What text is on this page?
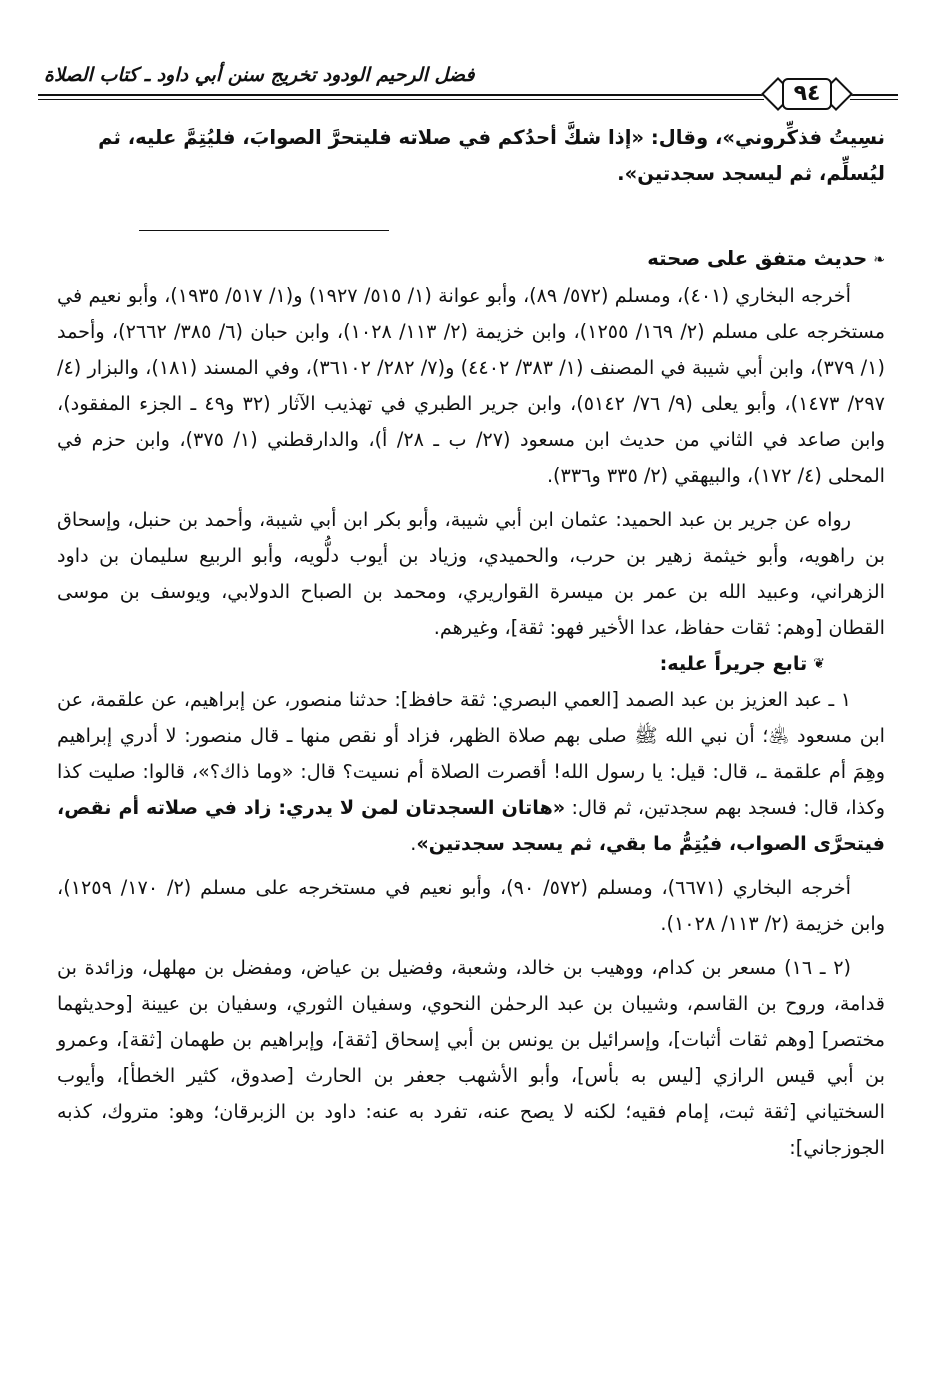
٩٤
فضل الرحيم الودود تخريج سنن أبي داود ـ كتاب الصلاة

نسِيتُ فذكِّروني»، وقال: «إذا شكَّ أحدُكم في صلاته فليتحرَّ الصوابَ، فليُتِمَّ عليه، ثم

ليُسلِّم، ثم ليسجد سجدتين».

❧حديث متفق على صحته

أخرجه البخاري (٤٠١)، ومسلم (٥٧٢/ ٨٩)، وأبو عوانة (١/ ٥١٥/ ١٩٢٧) و(١/ ٥١٧/ ١٩٣٥)، وأبو نعيم في مستخرجه على مسلم (٢/ ١٦٩/ ١٢٥٥)، وابن خزيمة (٢/ ١١٣/ ١٠٢٨)، وابن حبان (٦/ ٣٨٥/ ٢٦٦٢)، وأحمد (١/ ٣٧٩)، وابن أبي شيبة في المصنف (١/ ٣٨٣/ ٤٤٠٢) و(٧/ ٢٨٢/ ٣٦١٠٢)، وفي المسند (١٨١)، والبزار (٤/ ٢٩٧/ ١٤٧٣)، وأبو يعلى (٩/ ٧٦/ ٥١٤٢)، وابن جرير الطبري في تهذيب الآثار (٣٢ و٤٩ ـ الجزء المفقود)، وابن صاعد في الثاني من حديث ابن مسعود (٢٧/ ب ـ ٢٨/ أ)، والدارقطني (١/ ٣٧٥)، وابن حزم في المحلى (٤/ ١٧٢)، والبيهقي (٢/ ٣٣٥ و٣٣٦).

رواه عن جرير بن عبد الحميد: عثمان ابن أبي شيبة، وأبو بكر ابن أبي شيبة، وأحمد بن حنبل، وإسحاق بن راهويه، وأبو خيثمة زهير بن حرب، والحميدي، وزياد بن أيوب دلُّويه، وأبو الربيع سليمان بن داود الزهراني، وعبيد الله بن عمر بن ميسرة القواريري، ومحمد بن الصباح الدولابي، ويوسف بن موسى القطان [وهم: ثقات حفاظ، عدا الأخير فهو: ثقة]، وغيرهم.

❦تابع جريراً عليه:

١ ـ عبد العزيز بن عبد الصمد [العمي البصري: ثقة حافظ]: حدثنا منصور، عن إبراهيم، عن علقمة، عن ابن مسعود ﵁؛ أن نبي الله ﷺ صلى بهم صلاة الظهر، فزاد أو نقص منها ـ قال منصور: لا أدري إبراهيم وهِمَ أم علقمة ـ، قال: قيل: يا رسول الله! أقصرت الصلاة أم نسيت؟ قال: «وما ذاك؟»، قالوا: صليت كذا وكذا، قال: فسجد بهم سجدتين، ثم قال: «هاتان السجدتان لمن لا يدري: زاد في صلاته أم نقص، فيتحرَّى الصواب، فيُتِمُّ ما بقي، ثم يسجد سجدتين».

أخرجه البخاري (٦٦٧١)، ومسلم (٥٧٢/ ٩٠)، وأبو نعيم في مستخرجه على مسلم (٢/ ١٧٠/ ١٢٥٩)، وابن خزيمة (٢/ ١١٣/ ١٠٢٨).

(٢ ـ ١٦) مسعر بن كدام، ووهيب بن خالد، وشعبة، وفضيل بن عياض، ومفضل بن مهلهل، وزائدة بن قدامة، وروح بن القاسم، وشيبان بن عبد الرحمٰن النحوي، وسفيان الثوري، وسفيان بن عيينة [وحديثهما مختصر] [وهم ثقات أثبات]، وإسرائيل بن يونس بن أبي إسحاق [ثقة]، وإبراهيم بن طهمان [ثقة]، وعمرو بن أبي قيس الرازي [ليس به بأس]، وأبو الأشهب جعفر بن الحارث [صدوق، كثير الخطأ]، وأيوب السختياني [ثقة ثبت، إمام فقيه؛ لكنه لا يصح عنه، تفرد به عنه: داود بن الزبرقان؛ وهو: متروك، كذبه الجوزجاني]:
